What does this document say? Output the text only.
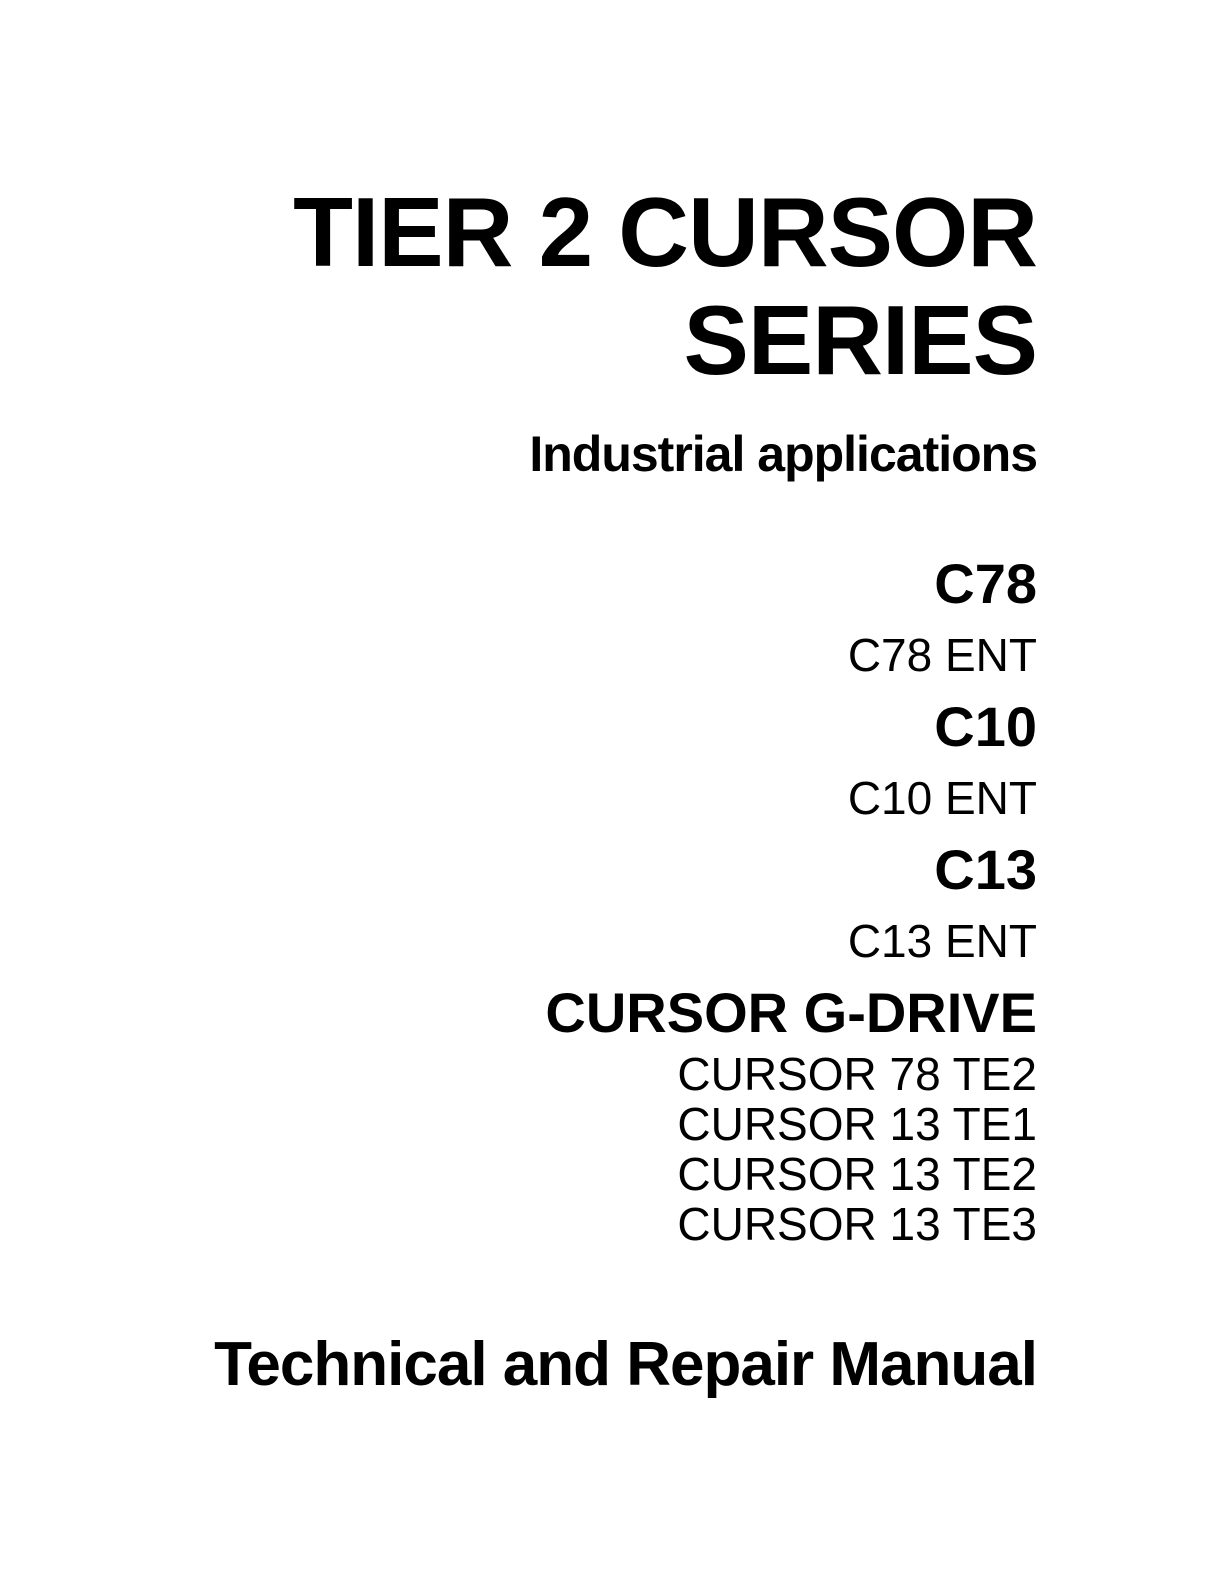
TIER 2 CURSOR
SERIES
Industrial applications
C78
C78 ENT
C10
C10 ENT
C13
C13 ENT
CURSOR G-DRIVE
CURSOR 78 TE2
CURSOR 13 TE1
CURSOR 13 TE2
CURSOR 13 TE3
Technical and Repair Manual
